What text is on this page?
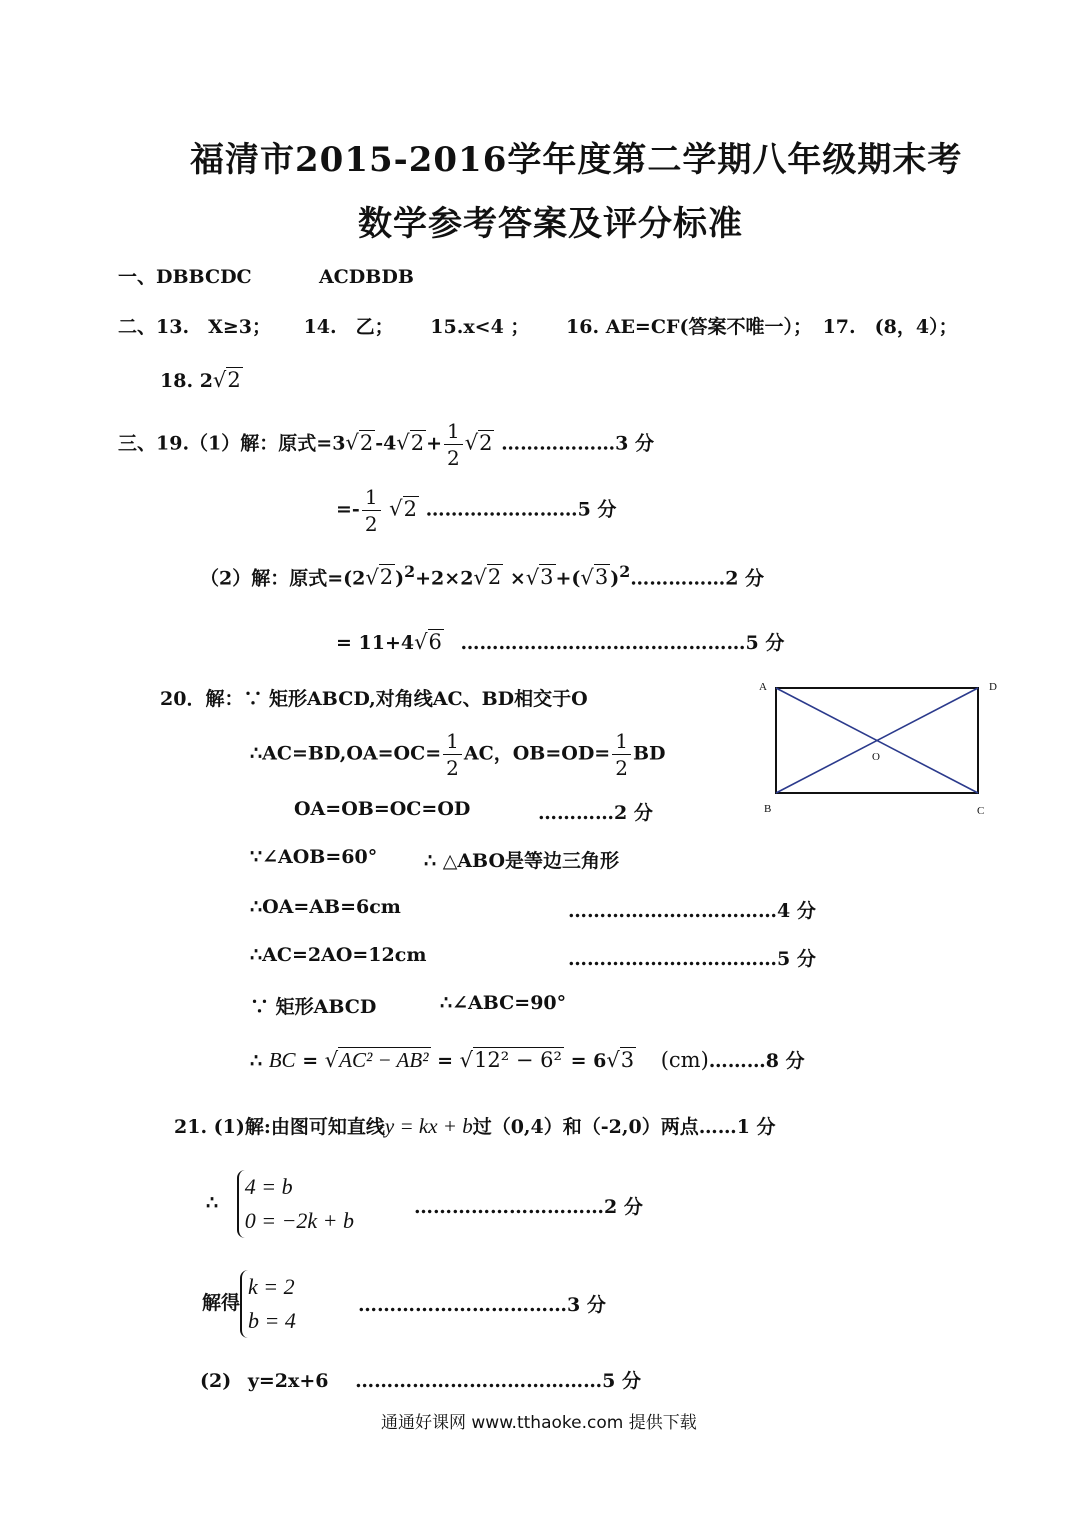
福清市2015-2016学年度第二学期八年级期末考
数学参考答案及评分标准
一、DBBCDC	ACDBDB
二、13.　X≥3； 14.　乙； 15.x<4 ； 16. AE=CF(答案不唯一）； 17.　(8，4）；
18. 2√2
三、19.（1）解：原式=3√2 $-4√2 + \frac{1}{2} √2$ ………………3 分
=- $\frac{1}{2} √2$ ……………………5 分
（2）解：原式=(2√2 )$^2$+2×2√2 ×√3 +(√3 )$^2$……………2 分
= 11+4√6 ………………………………………5 分
20．解：∵ 矩形ABCD,对角线AC、BD相交于O
∴AC=BD,OA=OC= $\frac{1}{2}$ AC，$OB=OD= \frac{1}{2}$ BD
OA=OB=OC=OD	…………2 分
∵∠AOB=60° ∴ △ABO是等边三角形
∴OA=AB=6cm	……………………………4 分
∴AC=2AO=12cm	……………………………5 分
∵ 矩形ABCD	∴∠ABC=90°
∴ BC = √AC² − AB² = √12² − 6² = 6√3 (cm)………8 分
A	D
B	C
O
21. (1)解:由图可知直线y = kx + b过（0,4）和（-2,0）两点……1 分
∴
4 = b
0 = −2k + b
…………………………2 分
解得
k = 2
b = 4
……………………………3 分
(2) y=2x+6 …………………………………5 分
通通好课网 www.tthaoke.com 提供下载
